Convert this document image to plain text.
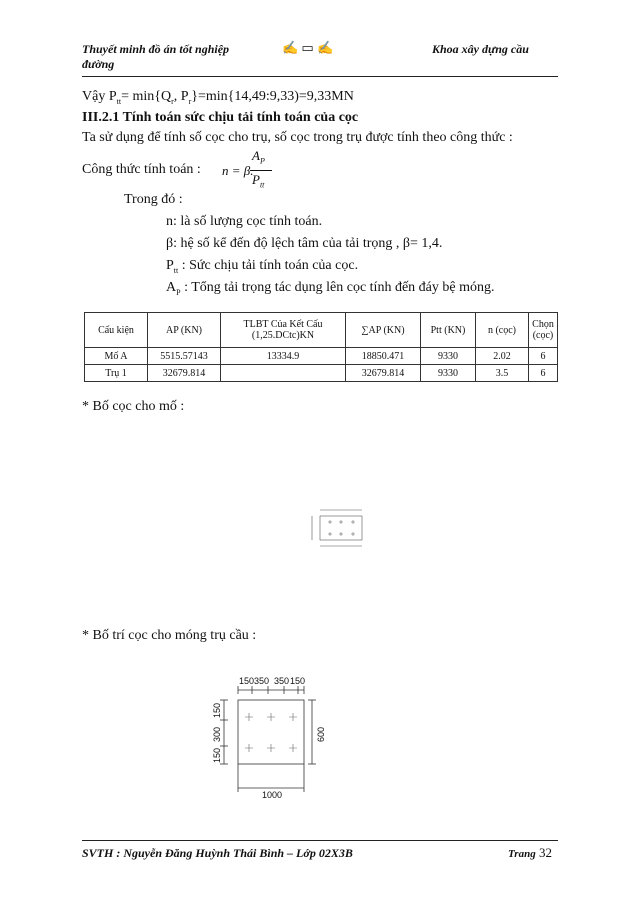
Thuyết minh đồ án tốt nghiệp
đường
✍ ▭ ✍	Khoa xây dựng cầu
Vậy $P_{tt}= \min\{Q_r$, $P_r\}=\min\{14,49:9,33)=9,33MN$
III.2.1 Tính toán sức chịu tải tính toán của cọc
Ta sử dụng để tính số cọc cho trụ, số cọc trong trụ được tính theo công thức :
Công thức tính toán : n = β.
$A_P$
$P_{tt}$
Trong đó :
n: là số lượng cọc tính toán.
β: hệ số kể đến độ lệch tâm của tải trọng , β= 1,4.
$P_{tt}$ : Sức chịu tải tính toán của cọc.
$A_P$ : Tổng tải trọng tác dụng lên cọc tính đến đáy bệ móng.
Cấu kiện	AP (KN)	TLBT Của Kết Cấu (1,25.DCtc)KN	∑AP (KN)	Ptt (KN)	n (cọc)	Chọn (cọc)
Mố A	5515.57143	13334.9	18850.471	9330	2.02	6
Trụ 1	32679.814		32679.814	9330	3.5	6
* Bố cọc cho mố :
* Bố trí cọc cho móng trụ cầu :
150 350 350 150
150
300
150
600
1000
SVTH : Nguyễn Đăng Huỳnh Thái Bình – Lớp 02X3B	Trang 32
